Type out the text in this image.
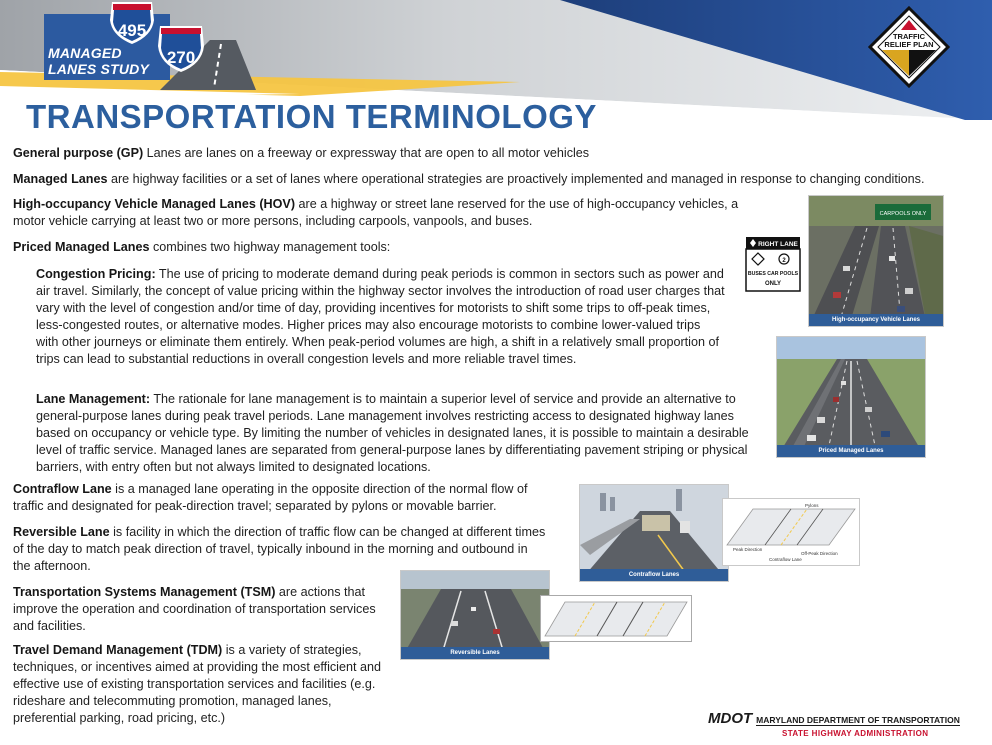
495
270
MANAGED
LANES STUDY
TRAFFIC
RELIEF PLAN
TRANSPORTATION TERMINOLOGY

General purpose (GP) Lanes are lanes on a freeway or expressway that are open to all motor vehicles

Managed Lanes are highway facilities or a set of lanes where operational strategies are proactively implemented and managed in response to changing conditions.

High-occupancy Vehicle Managed Lanes (HOV) are a highway or street lane reserved for the use of high-occupancy vehicles, a motor vehicle carrying at least two or more persons, including carpools, vanpools, and buses.

Priced Managed Lanes combines two highway management tools:

Congestion Pricing: The use of pricing to moderate demand during peak periods is common in sectors such as power and air travel. Similarly, the concept of value pricing within the highway sector involves the introduction of road user charges that vary with the level of congestion and/or time of day, providing incentives for motorists to shift some trips to off-peak times, less-congested routes, or alternative modes. Higher prices may also encourage motorists to combine lower-valued trips with other journeys or eliminate them entirely. When peak-period volumes are high, a shift in a relatively small proportion of trips can lead to substantial reductions in overall congestion levels and more reliable travel times.

Lane Management: The rationale for lane management is to maintain a superior level of service and provide an alternative to general-purpose lanes during peak travel periods. Lane management involves restricting access to designated highway lanes based on occupancy or vehicle type. By limiting the number of vehicles in designated lanes, it is possible to maintain a desirable level of traffic service. Managed lanes are separated from general-purpose lanes by differentiating pavement striping or physical barriers, with entry often but not always limited to designated locations.

Contraflow Lane is a managed lane operating in the opposite direction of the normal flow of traffic and designated for peak-direction travel; separated by pylons or movable barrier.

Reversible Lane is facility in which the direction of traffic flow can be changed at different times of the day to match peak direction of travel, typically inbound in the morning and outbound in the afternoon.

Transportation Systems Management (TSM) are actions that improve the operation and coordination of transportation services and facilities.

Travel Demand Management (TDM) is a variety of strategies, techniques, or incentives aimed at providing the most efficient and effective use of existing transportation services and facilities (e.g. rideshare and telecommuting promotion, managed lanes, preferential parking, road pricing, etc.)

RIGHT LANE
2
BUSES CAR POOLS
ONLY
CARPOOLS ONLY
High-occupancy Vehicle Lanes
Priced Managed Lanes
Contraflow Lanes
Pylons
Peak Direction
Off-Peak Direction
Contraflow Lane
Reversible Lanes
MDOT MARYLAND DEPARTMENT OF TRANSPORTATION
STATE HIGHWAY ADMINISTRATION
